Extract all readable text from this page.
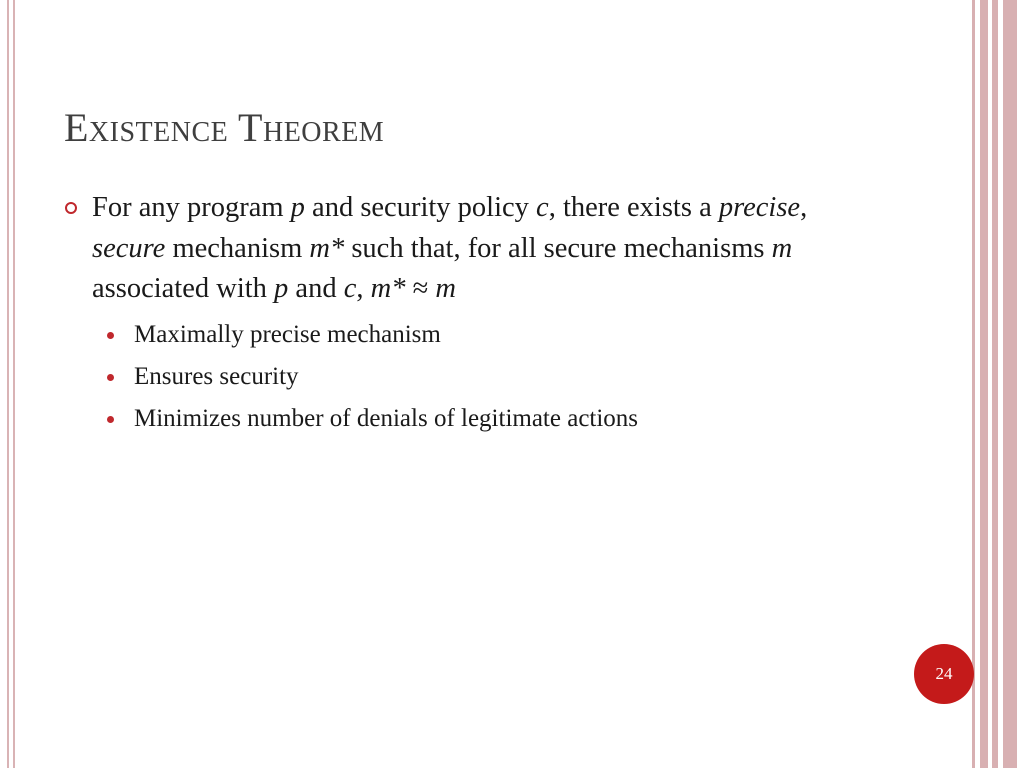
Existence Theorem
For any program p and security policy c, there exists a precise, secure mechanism m* such that, for all secure mechanisms m associated with p and c, m* ≈ m
Maximally precise mechanism
Ensures security
Minimizes number of denials of legitimate actions
24
